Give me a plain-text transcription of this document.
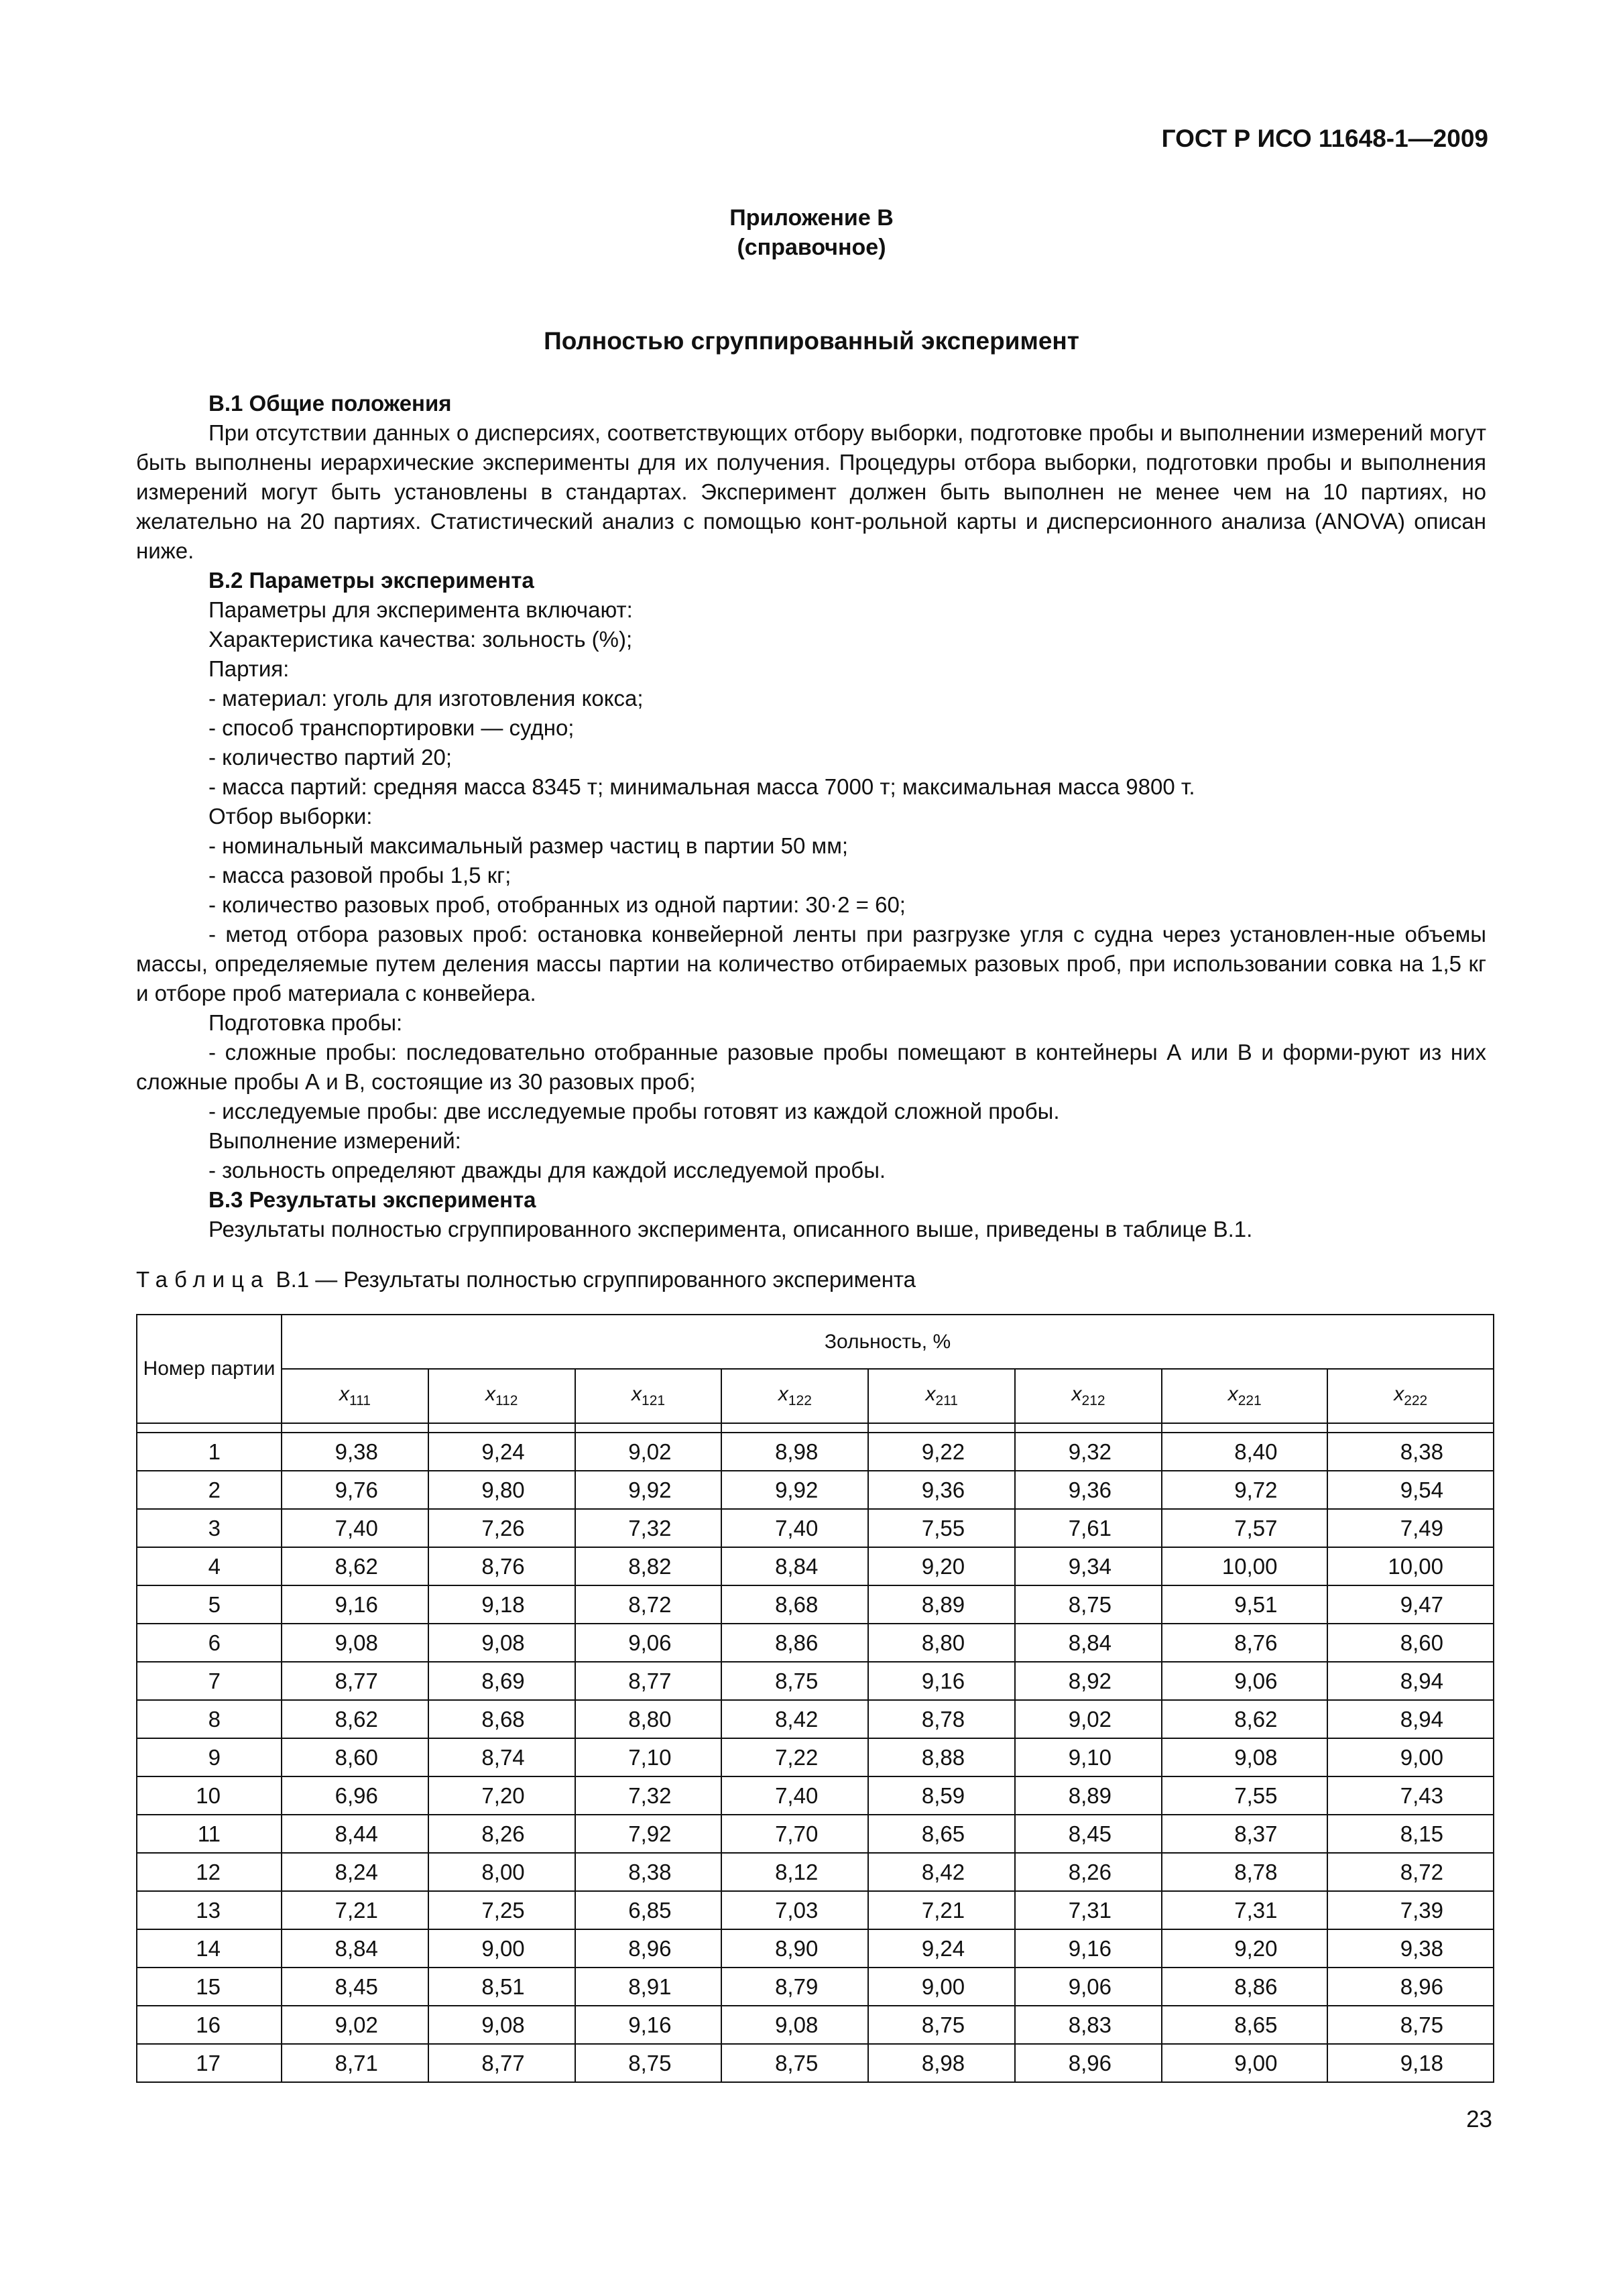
ГОСТ Р ИСО 11648-1—2009
Приложение В
(справочное)
Полностью сгруппированный эксперимент

В.1 Общие положения

При отсутствии данных о дисперсиях, соответствующих отбору выборки, подготовке пробы и выполнении измерений могут быть выполнены иерархические эксперименты для их получения. Процедуры отбора выборки, подготовки пробы и выполнения измерений могут быть установлены в стандартах. Эксперимент должен быть выполнен не менее чем на 10 партиях, но желательно на 20 партиях. Статистический анализ с помощью конт-рольной карты и дисперсионного анализа (ANOVA) описан ниже.

В.2 Параметры эксперимента

Параметры для эксперимента включают:

Характеристика качества: зольность (%);

Партия:

- материал: уголь для изготовления кокса;

- способ транспортировки — судно;

- количество партий 20;

- масса партий: средняя масса 8345 т; минимальная масса 7000 т; максимальная масса 9800 т.

Отбор выборки:

- номинальный максимальный размер частиц в партии 50 мм;

- масса разовой пробы 1,5 кг;

- количество разовых проб, отобранных из одной партии: 30·2 = 60;

- метод отбора разовых проб: остановка конвейерной ленты при разгрузке угля с судна через установлен-ные объемы массы, определяемые путем деления массы партии на количество отбираемых разовых проб, при использовании совка на 1,5 кг и отборе проб материала с конвейера.

Подготовка пробы:

- сложные пробы: последовательно отобранные разовые пробы помещают в контейнеры А или В и форми-руют из них сложные пробы А и В, состоящие из 30 разовых проб;

- исследуемые пробы: две исследуемые пробы готовят из каждой сложной пробы.

Выполнение измерений:

- зольность определяют дважды для каждой исследуемой пробы.

В.3 Результаты эксперимента

Результаты полностью сгруппированного эксперимента, описанного выше, приведены в таблице В.1.

Таблица В.1 — Результаты полностью сгруппированного эксперимента
Номер партии	Зольность, %							
	$x_{111}$	$x_{112}$	$x_{121}$	$x_{122}$	$x_{211}$	$x_{212}$	$x_{221}$	$x_{222}$

1	9,38	9,24	9,02	8,98	9,22	9,32	8,40	8,38
2	9,76	9,80	9,92	9,92	9,36	9,36	9,72	9,54
3	7,40	7,26	7,32	7,40	7,55	7,61	7,57	7,49
4	8,62	8,76	8,82	8,84	9,20	9,34	10,00	10,00
5	9,16	9,18	8,72	8,68	8,89	8,75	9,51	9,47
6	9,08	9,08	9,06	8,86	8,80	8,84	8,76	8,60
7	8,77	8,69	8,77	8,75	9,16	8,92	9,06	8,94
8	8,62	8,68	8,80	8,42	8,78	9,02	8,62	8,94
9	8,60	8,74	7,10	7,22	8,88	9,10	9,08	9,00
10	6,96	7,20	7,32	7,40	8,59	8,89	7,55	7,43
11	8,44	8,26	7,92	7,70	8,65	8,45	8,37	8,15
12	8,24	8,00	8,38	8,12	8,42	8,26	8,78	8,72
13	7,21	7,25	6,85	7,03	7,21	7,31	7,31	7,39
14	8,84	9,00	8,96	8,90	9,24	9,16	9,20	9,38
15	8,45	8,51	8,91	8,79	9,00	9,06	8,86	8,96
16	9,02	9,08	9,16	9,08	8,75	8,83	8,65	8,75
17	8,71	8,77	8,75	8,75	8,98	8,96	9,00	9,18
23
